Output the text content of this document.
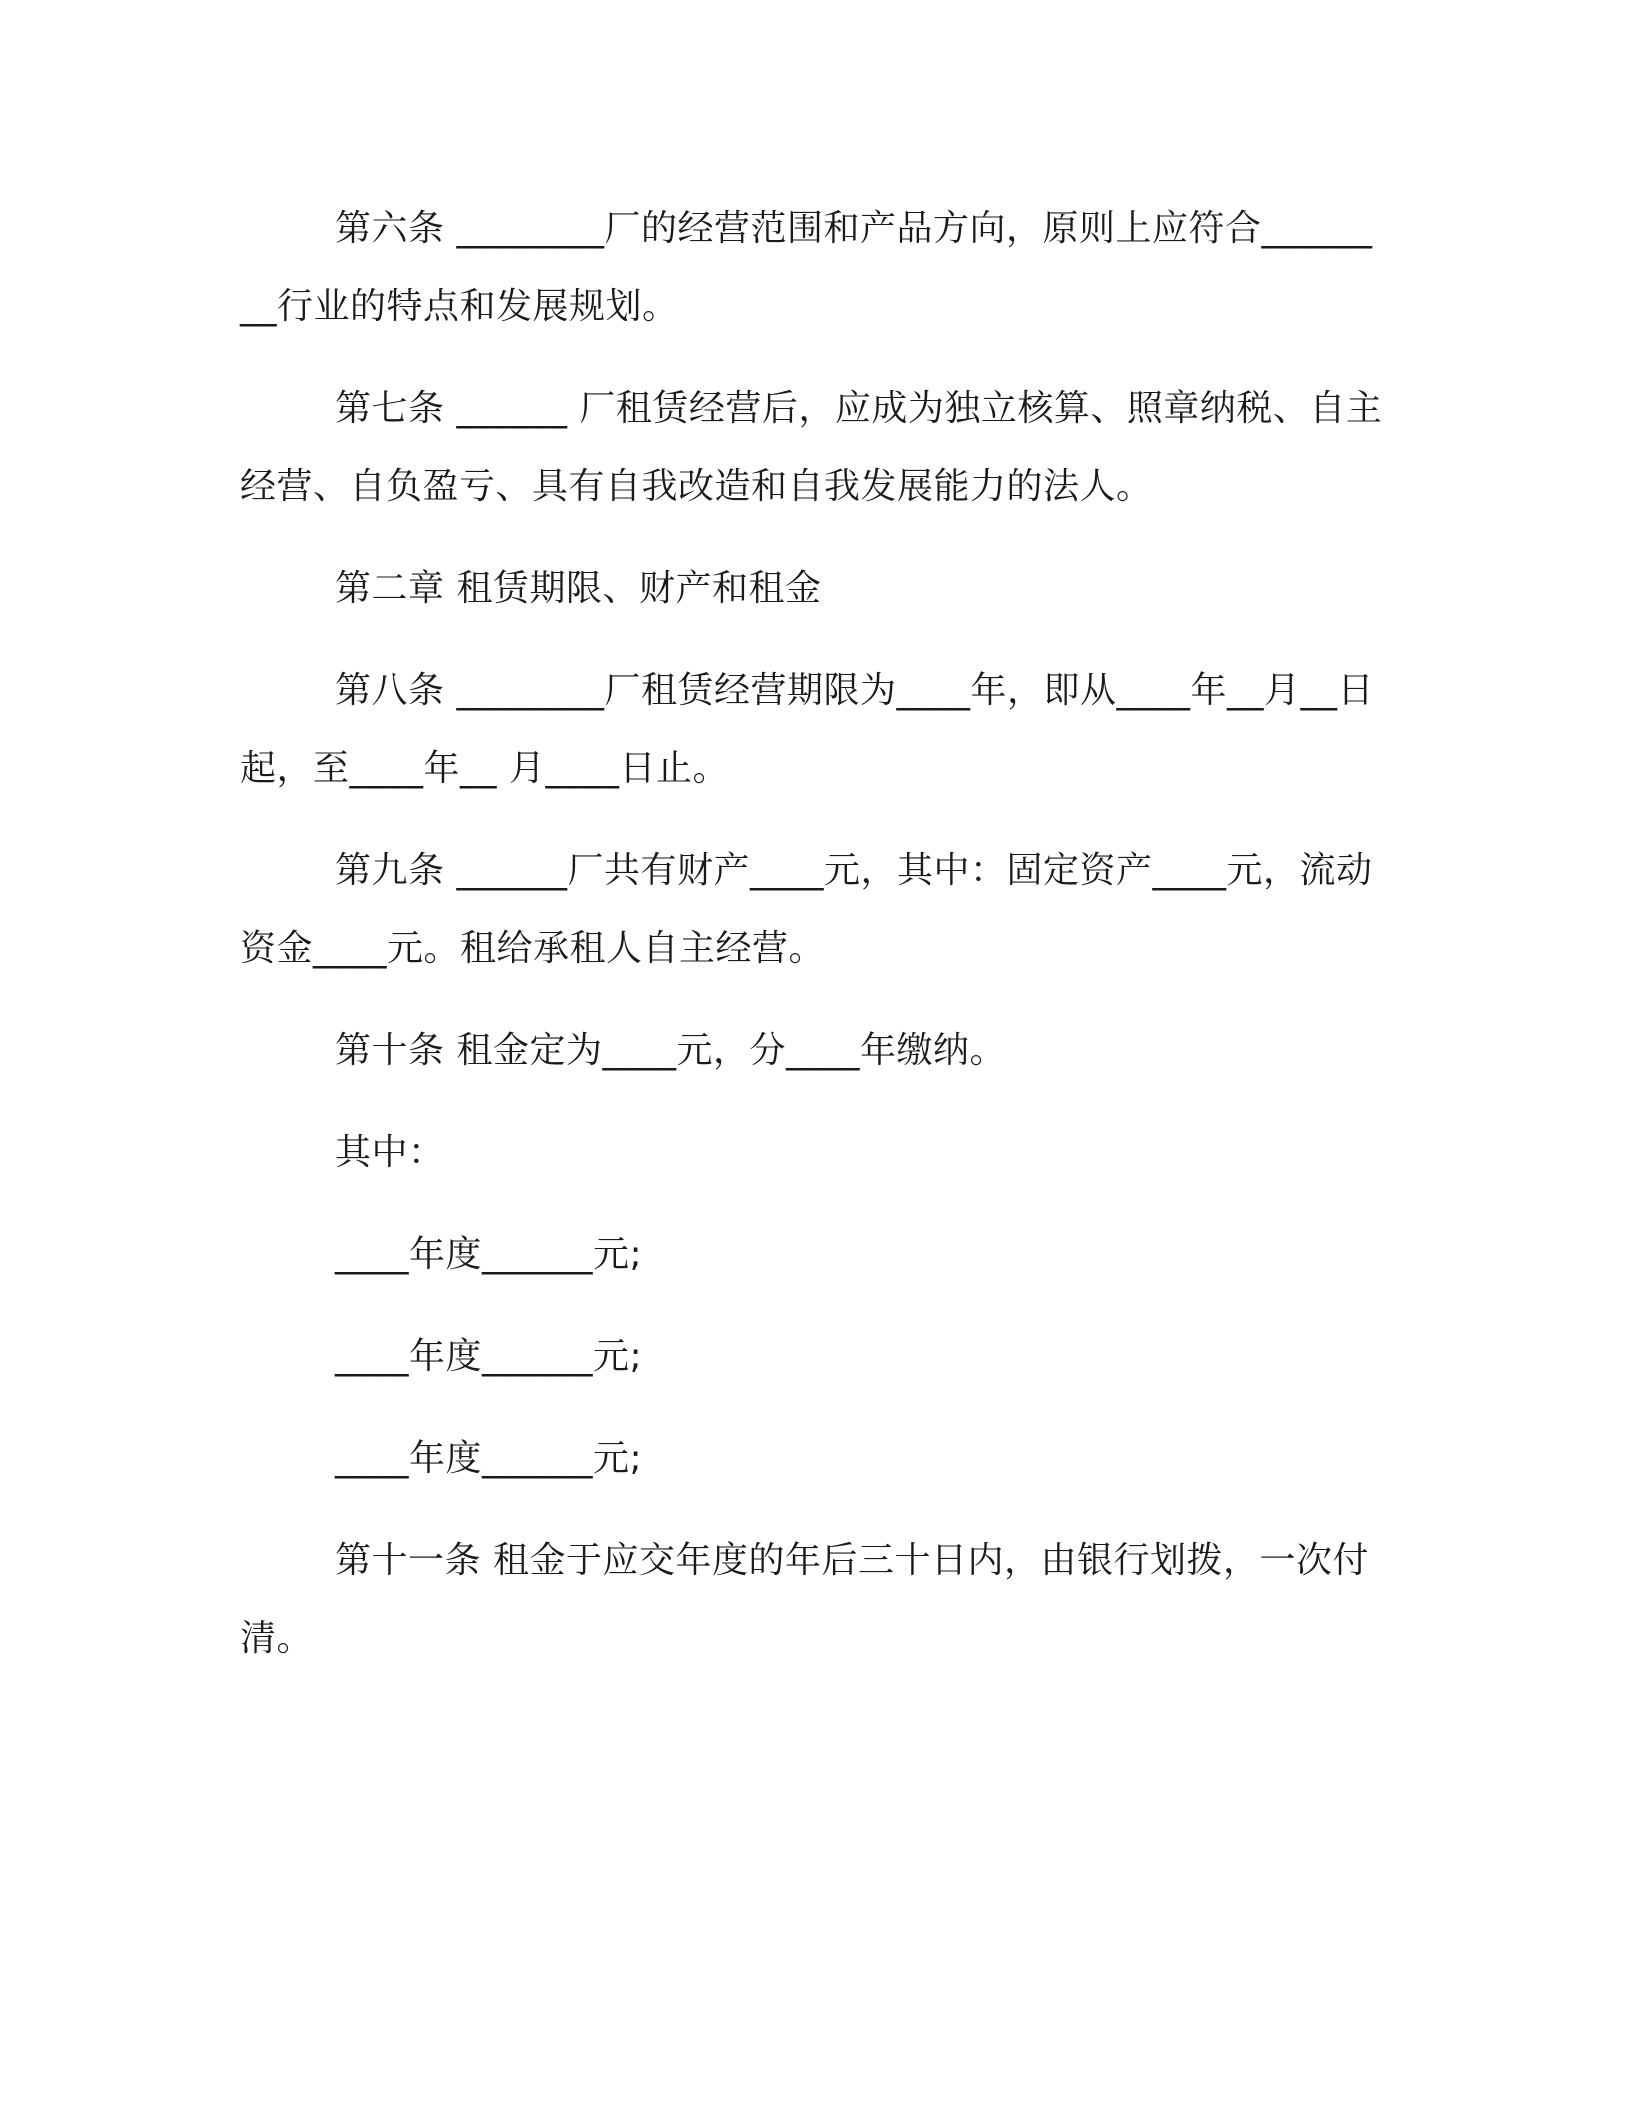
第六条 ________厂的经营范围和产品方向，原则上应符合________行业的特点和发展规划。

第七条 ______ 厂租赁经营后，应成为独立核算、照章纳税、自主经营、自负盈亏、具有自我改造和自我发展能力的法人。

第二章 租赁期限、财产和租金

第八条 ________厂租赁经营期限为____年，即从____年__月__日起，至____年__ 月____日止。

第九条 ______厂共有财产____元，其中：固定资产____元，流动资金____元。租给承租人自主经营。

第十条 租金定为____元，分____年缴纳。

其中：

____年度______元;

____年度______元;

____年度______元;

第十一条 租金于应交年度的年后三十日内，由银行划拨，一次付清。
